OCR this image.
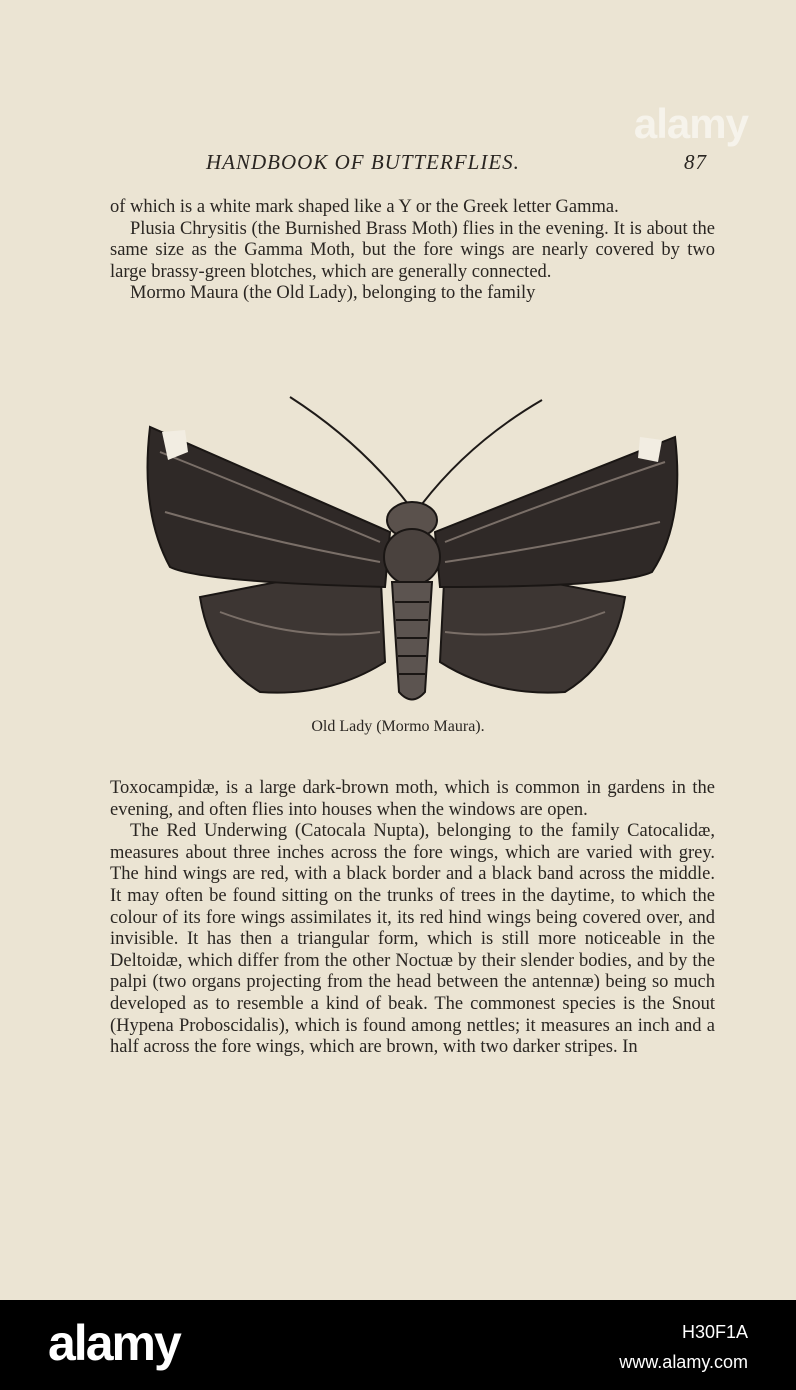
alamy
HANDBOOK OF BUTTERFLIES.	87

of which is a white mark shaped like a Y or the Greek letter Gamma.

Plusia Chrysitis (the Burnished Brass Moth) flies in the evening. It is about the same size as the Gamma Moth, but the fore wings are nearly covered by two large brassy-green blotches, which are generally connected.

Mormo Maura (the Old Lady), belonging to the family

Old Lady (Mormo Maura).

Toxocampidæ, is a large dark-brown moth, which is common in gardens in the evening, and often flies into houses when the windows are open.

The Red Underwing (Catocala Nupta), belonging to the family Catocalidæ, measures about three inches across the fore wings, which are varied with grey. The hind wings are red, with a black border and a black band across the middle. It may often be found sitting on the trunks of trees in the daytime, to which the colour of its fore wings assimilates it, its red hind wings being covered over, and invisible. It has then a triangular form, which is still more noticeable in the Deltoidæ, which differ from the other Noctuæ by their slender bodies, and by the palpi (two organs projecting from the head between the antennæ) being so much developed as to resemble a kind of beak. The commonest species is the Snout (Hypena Proboscidalis), which is found among nettles; it measures an inch and a half across the fore wings, which are brown, with two darker stripes. In

alamy	H30F1A
www.alamy.com
